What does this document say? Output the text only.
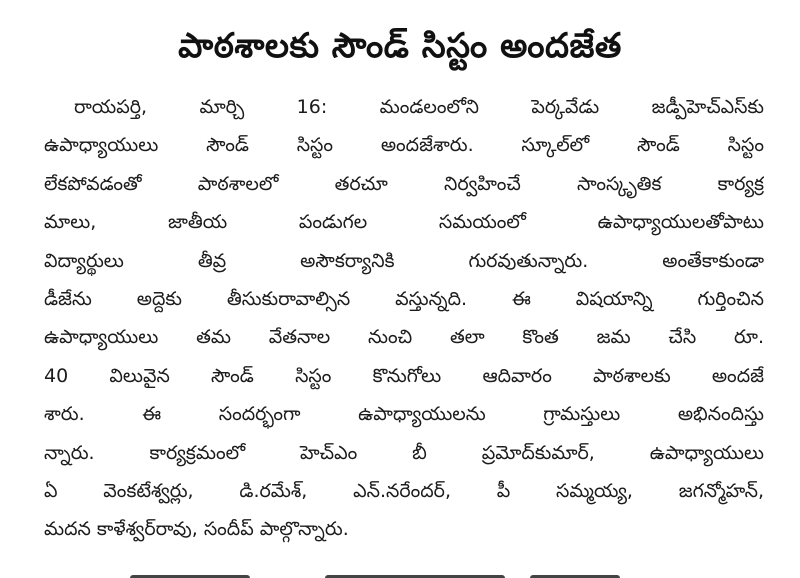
పాఠశాలకు సౌండ్ సిస్టం అందజేత
రాయపర్తి, మార్చి 16: మండలంలోని పెర్కవేడు జడ్పీహెచ్ఎస్‌కు
ఉపాధ్యాయులు సౌండ్ సిస్టం అందజేశారు. స్కూల్‌లో సౌండ్ సిస్టం
లేకపోవడంతో పాఠశాలలో తరచూ నిర్వహించే సాంస్కృతిక కార్యక్ర
మాలు, జాతీయ పండుగల సమయంలో ఉపాధ్యాయులతోపాటు
విద్యార్థులు తీవ్ర అసౌకర్యానికి గురవుతున్నారు. అంతేకాకుండా
డీజేను అద్దెకు తీసుకురావాల్సిన వస్తున్నది. ఈ విషయాన్ని గుర్తించిన
ఉపాధ్యాయులు తమ వేతనాల నుంచి తలా కొంత జమ చేసి రూ.
40 విలువైన సౌండ్ సిస్టం కొనుగోలు ఆదివారం పాఠశాలకు అందజే
శారు. ఈ సందర్భంగా ఉపాధ్యాయులను గ్రామస్తులు అభినందిస్తు
న్నారు. కార్యక్రమంలో హెచ్ఎం బీ ప్రమోద్‌కుమార్, ఉపాధ్యాయులు
ఏ వెంకటేశ్వర్లు, డి.రమేశ్, ఎన్.నరేందర్, పీ సమ్మయ్య, జగన్మోహన్,
మదన కాళేశ్వర్‌రావు, సందీప్ పాల్గొన్నారు.
